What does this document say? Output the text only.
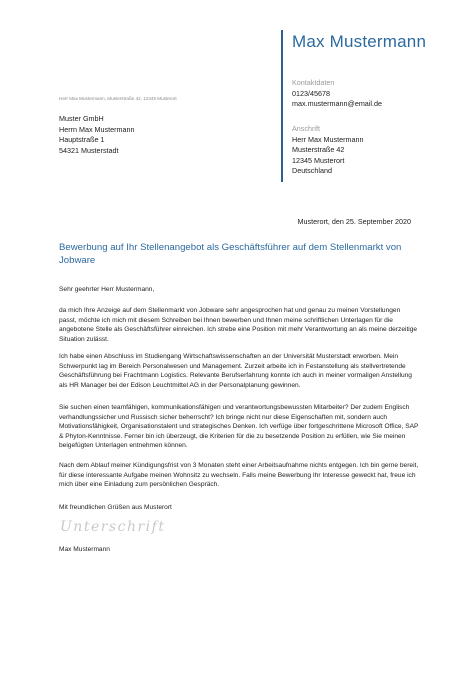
Max Mustermann
Kontaktdaten
0123/45678
max.mustermann@email.de
Anschrift
Herr Max Mustermann
Musterstraße 42
12345 Musterort
Deutschland
Herr Max Mustermann, Musterstraße 42, 12345 Musterort
Muster GmbH
Herrn Max Mustermann
Hauptstraße 1
54321 Musterstadt
Musterort, den 25. September 2020
Bewerbung auf Ihr Stellenangebot als Geschäftsführer auf dem Stellenmarkt von Jobware
Sehr geehrter Herr Mustermann,
da mich Ihre Anzeige auf dem Stellenmarkt von Jobware sehr angesprochen hat und genau zu meinen Vorstellungen passt, möchte ich mich mit diesem Schreiben bei Ihnen bewerben und Ihnen meine schriftlichen Unterlagen für die angebotene Stelle als Geschäftsführer einreichen. Ich strebe eine Position mit mehr Verantwortung an als meine derzeitige Situation zulässt.
Ich habe einen Abschluss im Studiengang Wirtschaftswissenschaften an der Universität Musterstadt erworben. Mein Schwerpunkt lag im Bereich Personalwesen und Management. Zurzeit arbeite ich in Festanstellung als stellvertretende Geschäftsführung bei Frachtmann Logistics. Relevante Berufserfahrung konnte ich auch in meiner vormaligen Anstellung als HR Manager bei der Edison Leuchtmittel AG in der Personalplanung gewinnen.
Sie suchen einen teamfähigen, kommunikationsfähigen und verantwortungsbewussten Mitarbeiter? Der zudem Englisch verhandlungssicher und Russisch sicher beherrscht? Ich bringe nicht nur diese Eigenschaften mit, sondern auch Motivationsfähigkeit, Organisationstalent und strategisches Denken. Ich verfüge über fortgeschrittene Microsoft Office, SAP & Phyton-Kenntnisse. Ferner bin ich überzeugt, die Kriterien für die zu besetzende Position zu erfüllen, wie Sie meinen beigefügten Unterlagen entnehmen können.
Nach dem Ablauf meiner Kündigungsfrist von 3 Monaten steht einer Arbeitsaufnahme nichts entgegen. Ich bin gerne bereit, für diese interessante Aufgabe meinen Wohnsitz zu wechseln. Falls meine Bewerbung Ihr Interesse geweckt hat, freue ich mich über eine Einladung zum persönlichen Gespräch.
Mit freundlichen Grüßen aus Musterort
Unterschrift
Max Mustermann
